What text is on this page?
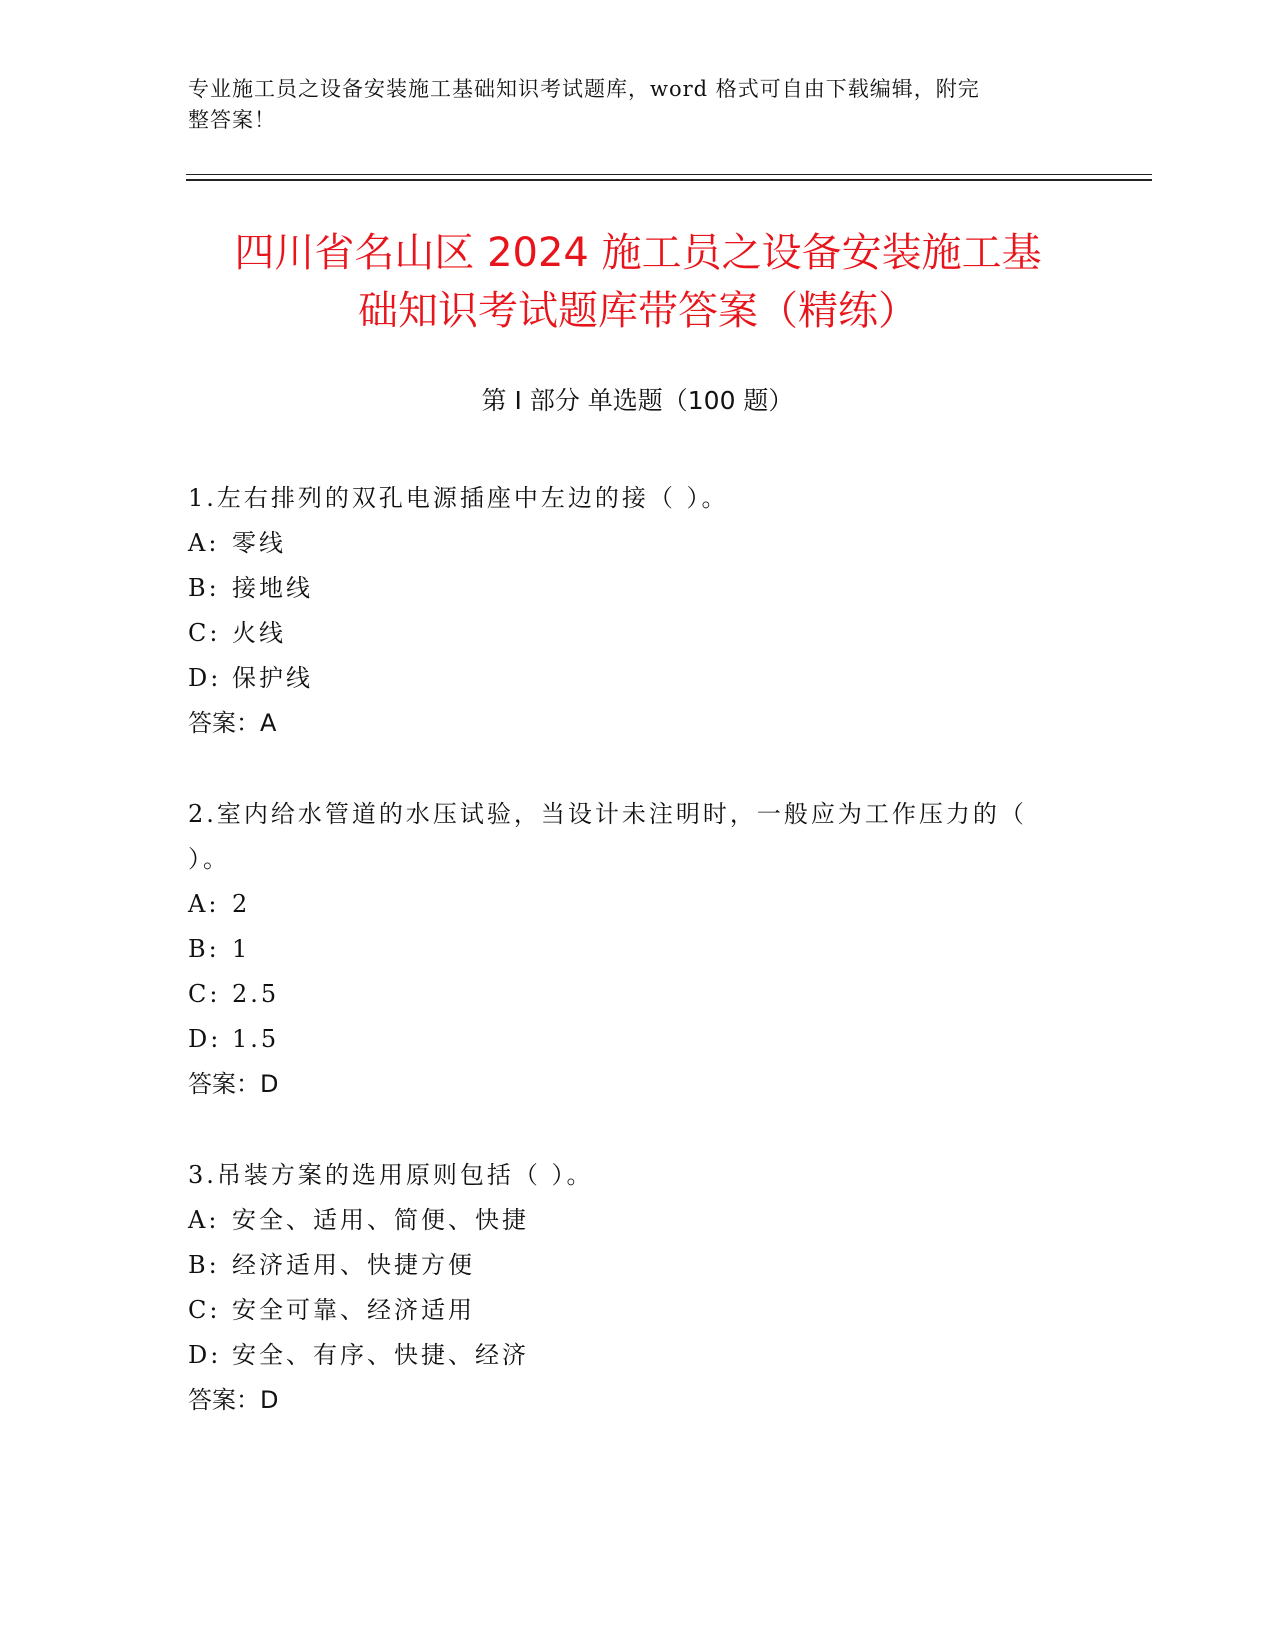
专业施工员之设备安装施工基础知识考试题库，word 格式可自由下载编辑，附完
整答案！
四川省名山区 2024 施工员之设备安装施工基
础知识考试题库带答案（精练）
第 I 部分 单选题（100 题）
1.左右排列的双孔电源插座中左边的接（ ）。
A: 零线
B: 接地线
C: 火线
D: 保护线
答案：A
2.室内给水管道的水压试验，当设计未注明时，一般应为工作压力的（ ）。
A: 2
B: 1
C: 2.5
D: 1.5
答案：D
3.吊装方案的选用原则包括（ ）。
A: 安全、适用、简便、快捷
B: 经济适用、快捷方便
C: 安全可靠、经济适用
D: 安全、有序、快捷、经济
答案：D
